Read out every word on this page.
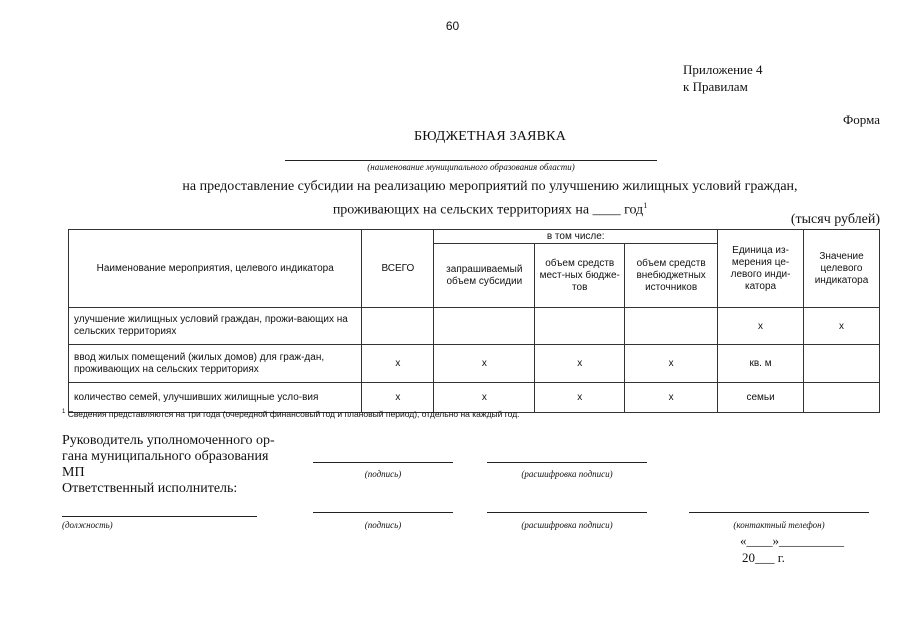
60
Приложение 4
к Правилам
Форма
БЮДЖЕТНАЯ ЗАЯВКА
(наименование муниципального образования области)
на предоставление субсидии на реализацию мероприятий по улучшению жилищных условий граждан,
проживающих на сельских территориях на ____ год$^1$
(тысяч рублей)
Наименование мероприятия, целевого индикатора	ВСЕГО	в том числе:			Единица из-мерения це-левого инди-катора	Значение целевого индикатора
		запрашиваемый объем субсидии	объем средств мест-ных бюдже-тов	объем средств внебюджетных источников		
улучшение жилищных условий граждан, прожи-вающих на сельских территориях					x	x
ввод жилых помещений (жилых домов) для граж-дан, проживающих на сельских территориях	x	x	x	x	кв. м	
количество семей, улучшивших жилищные усло-вия	x	x	x	x	семьи	
$^1$ Сведения представляются на три года (очередной финансовый год и плановый период), отдельно на каждый год.
Руководитель уполномоченного ор-
гана муниципального образования
МП
Ответственный исполнитель:
(подпись)	(расшифровка подписи)
(должность)	(подпись)	(расшифровка подписи)	(контактный телефон)
«____»__________
20___ г.
